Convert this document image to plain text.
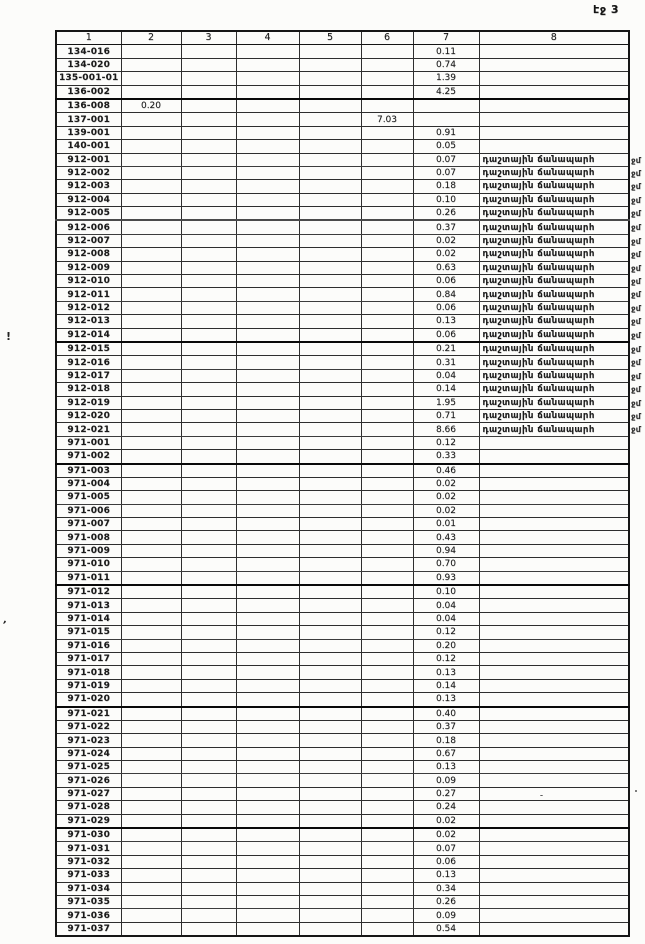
էջ 3
!
’
1	2	3	4	5	6	7	8
134-016						0.11	
134-020						0.74	
135-001-01						1.39	
136-002						4.25	
136-008	0.20						
137-001					7.03		
139-001						0.91	
140-001						0.05	
912-001						0.07	դաշտային ճանապարհ ջմ

912-002						0.07	դաշտային ճանապարհ ջմ

912-003						0.18	դաշտային ճանապարհ ջմ

912-004						0.10	դաշտային ճանապարհ ջմ

912-005						0.26	դաշտային ճանապարհ ջմ

912-006						0.37	դաշտային ճանապարհ ջմ

912-007						0.02	դաշտային ճանապարհ ջմ

912-008						0.02	դաշտային ճանապարհ ջմ

912-009						0.63	դաշտային ճանապարհ ջմ

912-010						0.06	դաշտային ճանապարհ ջմ

912-011						0.84	դաշտային ճանապարհ ջմ

912-012						0.06	դաշտային ճանապարհ ջմ

912-013						0.13	դաշտային ճանապարհ ջմ

912-014						0.06	դաշտային ճանապարհ ջմ

912-015						0.21	դաշտային ճանապարհ ջմ

912-016						0.31	դաշտային ճանապարհ ջմ

912-017						0.04	դաշտային ճանապարհ ջմ

912-018						0.14	դաշտային ճանապարհ ջմ

912-019						1.95	դաշտային ճանապարհ ջմ

912-020						0.71	դաշտային ճանապարհ ջմ

912-021						8.66	դաշտային ճանապարհ ջմ

971-001						0.12	
971-002						0.33	
971-003						0.46	
971-004						0.02	
971-005						0.02	
971-006						0.02	
971-007						0.01	
971-008						0.43	
971-009						0.94	
971-010						0.70	
971-011						0.93	
971-012						0.10	
971-013						0.04	
971-014						0.04	
971-015						0.12	
971-016						0.20	
971-017						0.12	
971-018						0.13	
971-019						0.14	
971-020						0.13	
971-021						0.40	
971-022						0.37	
971-023						0.18	
971-024						0.67	
971-025						0.13	
971-026						0.09	
971-027						0.27	
971-028						0.24	
971-029						0.02	
971-030						0.02	
971-031						0.07	
971-032						0.06	
971-033						0.13	
971-034						0.34	
971-035						0.26	
971-036						0.09	
971-037						0.54	
